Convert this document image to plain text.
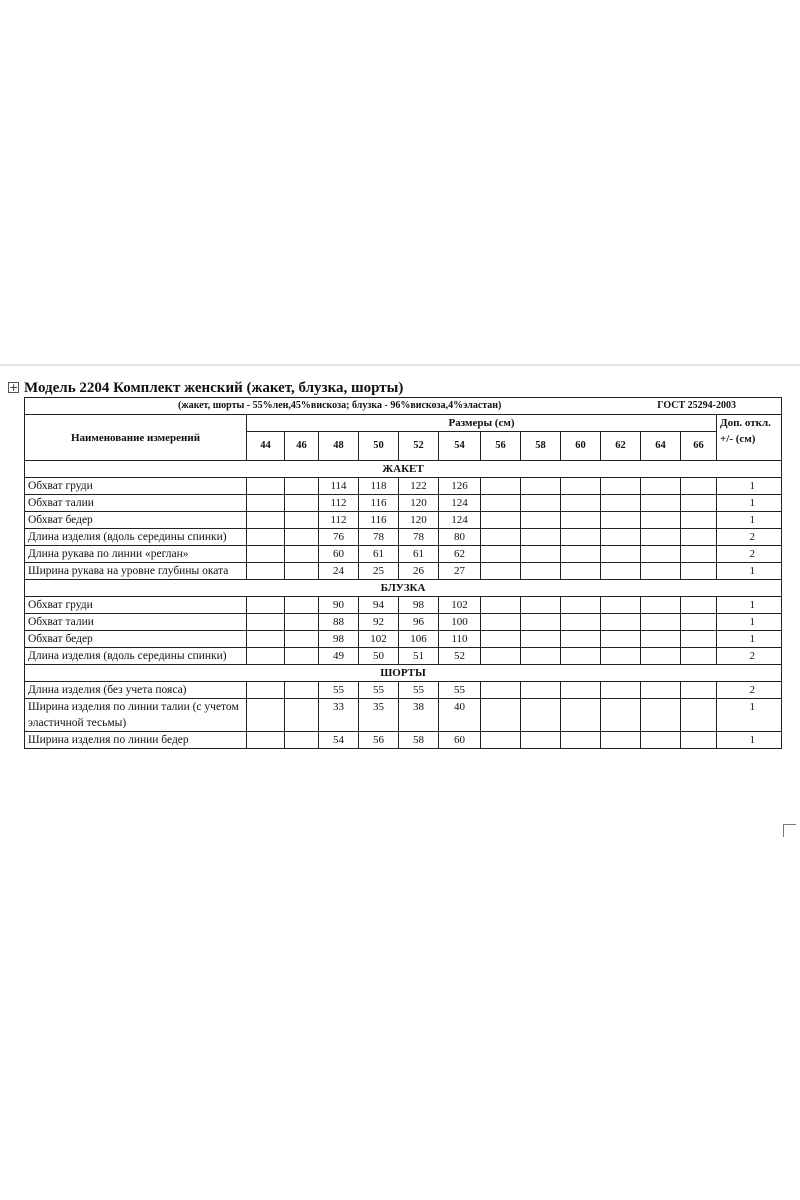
+ Модель 2204 Комплект женский (жакет, блузка, шорты)
(жакет, шорты - 55%лен,45%вискоза; блузка - 96%вискоза,4%эластан) ГОСТ 25294-2003													

Наименование измерений	Размеры (см)												Доп. откл. +/- (см)
	44	46	48	50	52	54	56	58	60	62	64	66	
ЖАКЕТ													
Обхват груди			114	118	122	126							1
Обхват талии			112	116	120	124							1
Обхват бедер			112	116	120	124							1
Длина изделия (вдоль середины спинки)			76	78	78	80							2
Длина рукава по линии «реглан»			60	61	61	62							2
Ширина рукава на уровне глубины оката			24	25	26	27							1
БЛУЗКА													
Обхват груди			90	94	98	102							1
Обхват талии			88	92	96	100							1
Обхват бедер			98	102	106	110							1
Длина изделия (вдоль середины спинки)			49	50	51	52							2
ШОРТЫ													
Длина изделия (без учета пояса)			55	55	55	55							2
Ширина изделия по линии талии (с учетом эластичной тесьмы)			33	35	38	40							1
Ширина изделия по линии бедер			54	56	58	60							1
